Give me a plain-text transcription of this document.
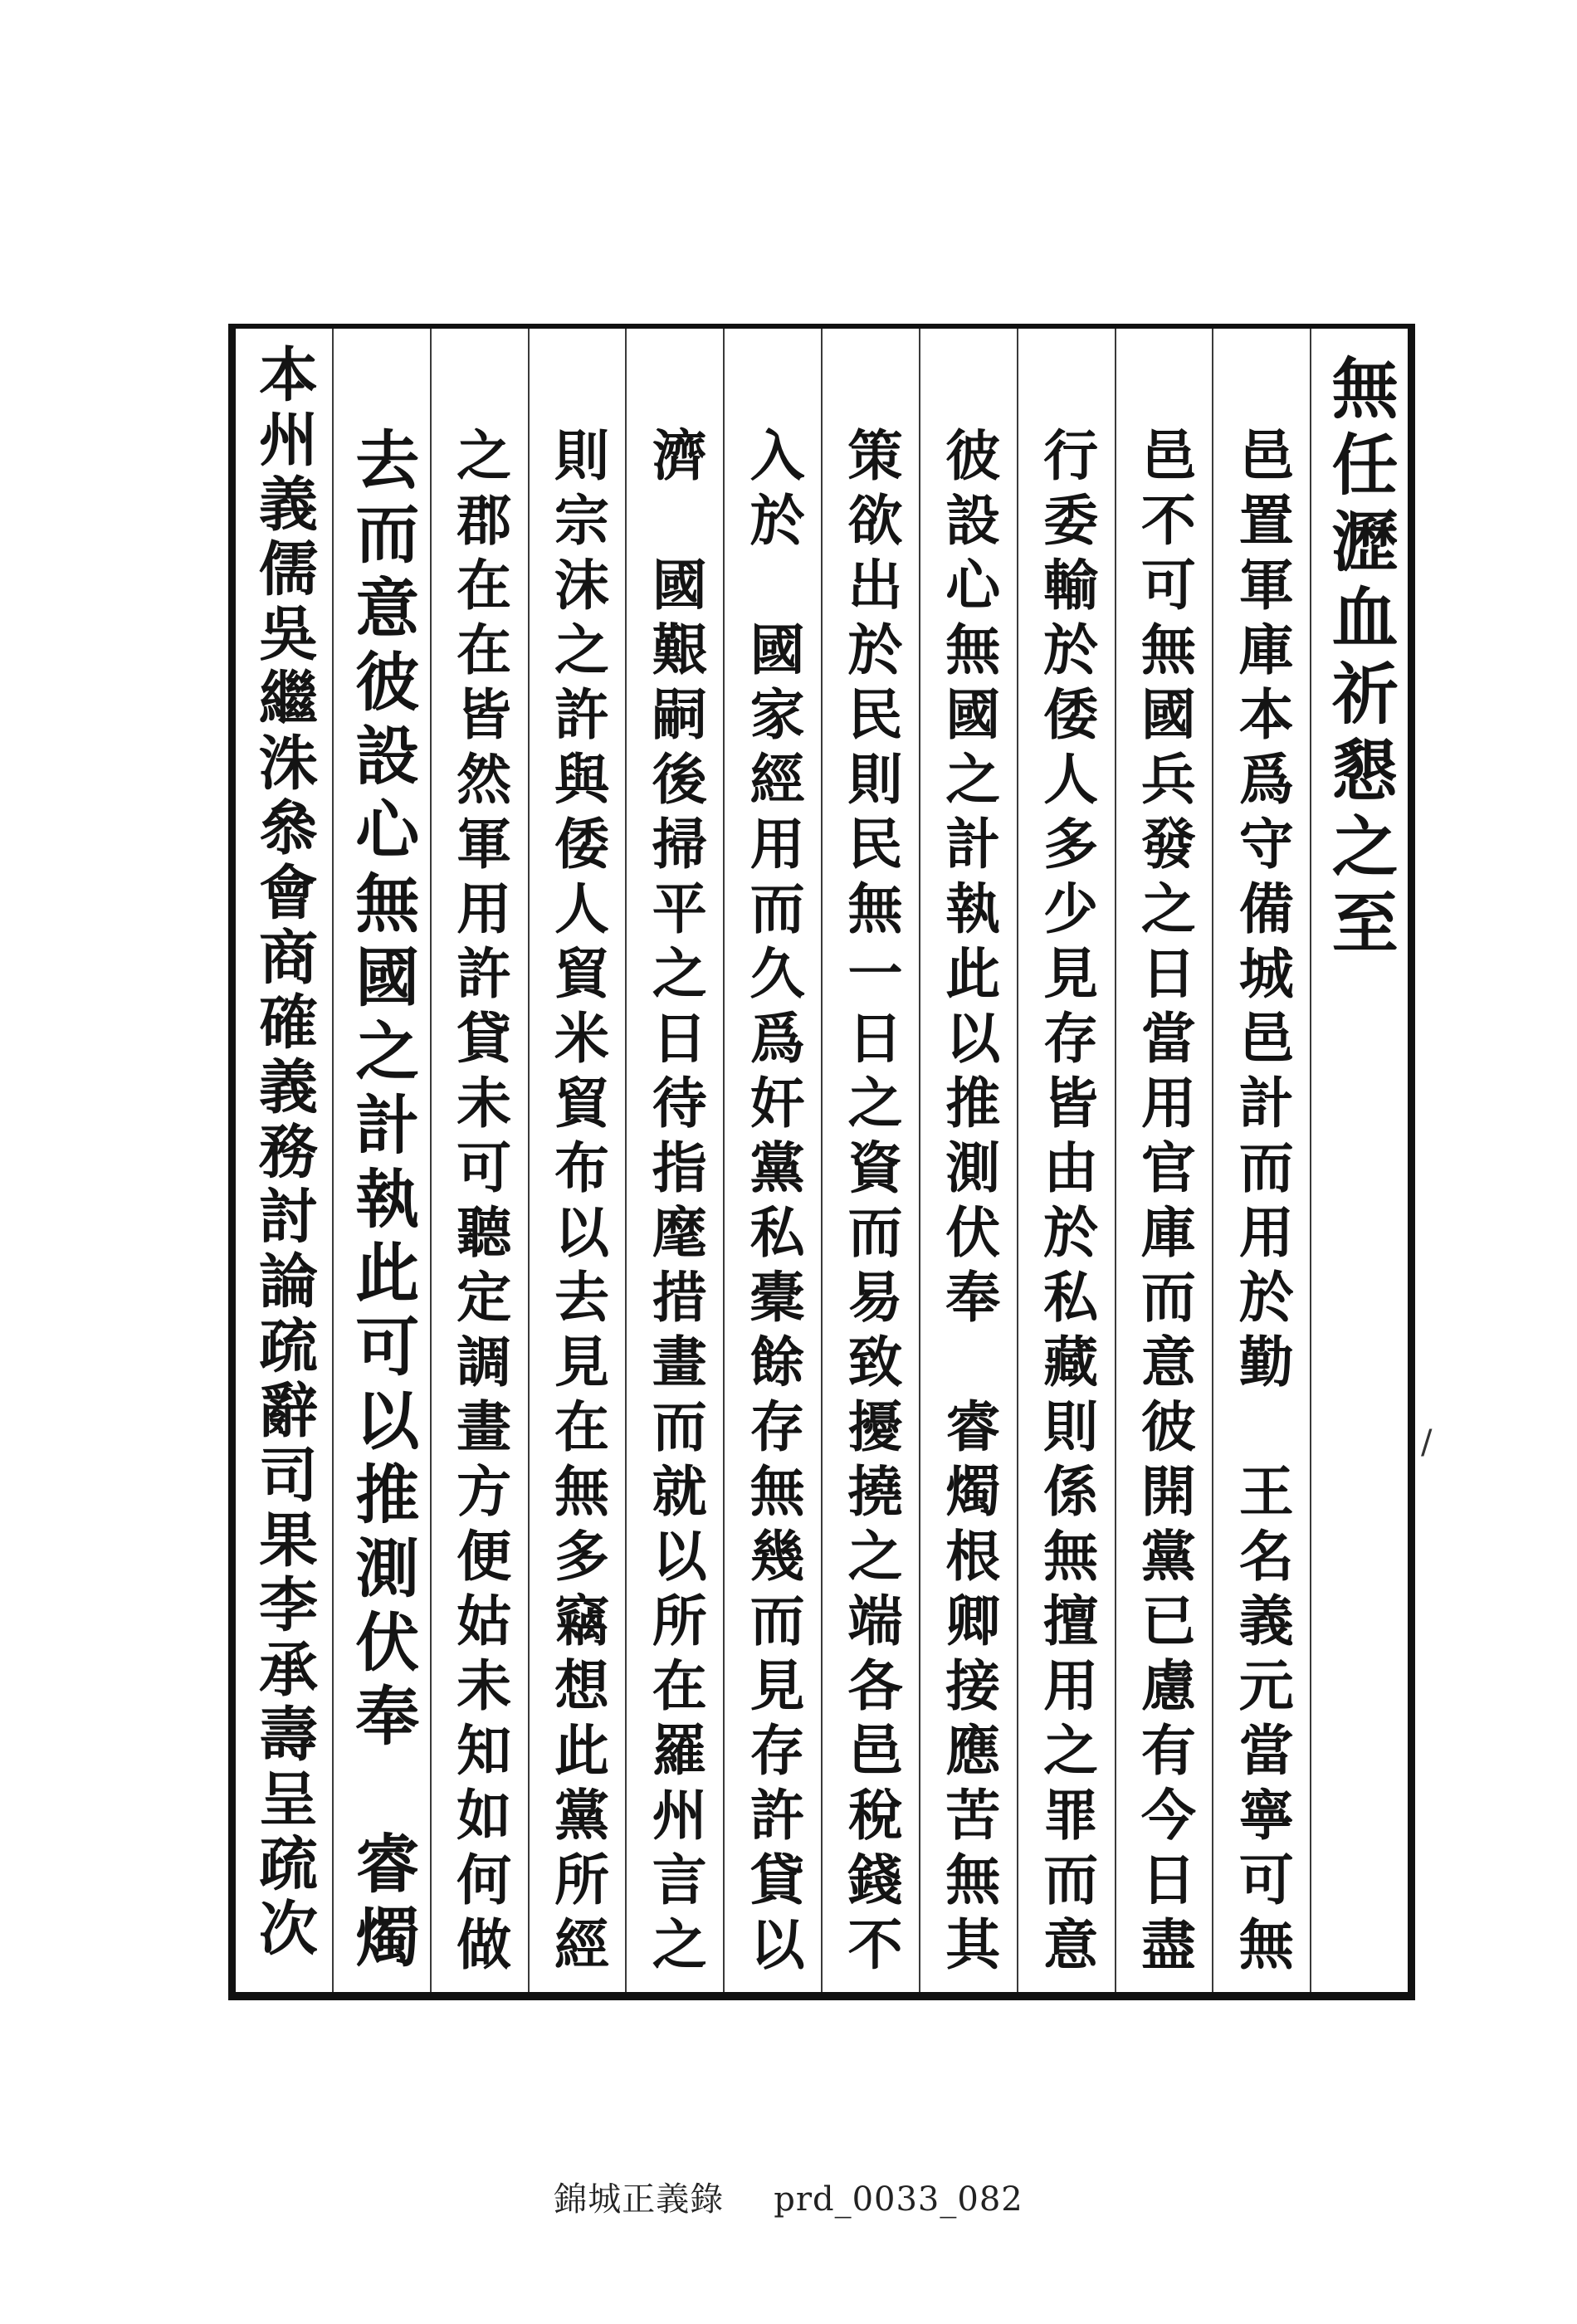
無任瀝血祈懇之至
邑置軍庫本爲守備城邑計而用於勤　王名義元當寧可無
邑不可無國兵發之日當用官庫而意彼開黨已慮有今日盡
行委輸於倭人多少見存皆由於私藏則係無擅用之罪而意
彼設心無國之計執此以推測伏奉　睿燭根卿接應苦無其
策欲出於民則民無一日之資而易致擾撓之端各邑稅錢不
入於　國家經用而久爲奸黨私橐餘存無幾而見存許貸以
濟　國艱嗣後掃平之日待指麾措畫而就以所在羅州言之
則宗沫之許與倭人貿米貿布以去見在無多竊想此黨所經
之郡在在皆然軍用許貸未可聽定調畫方便姑未知如何做
去而意彼設心無國之計執此可以推測伏奉　睿燭
本州義儒吳繼洙叅會商確義務討論疏辭司果李承壽呈疏次	/
錦城正義錄 prd_0033_082
